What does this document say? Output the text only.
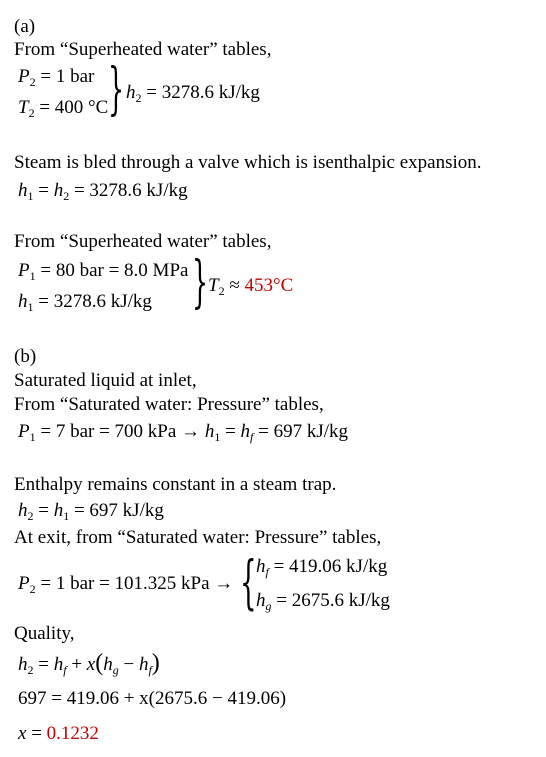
(a)
From “Superheated water” tables,
$P_2 = 1$ bar
$T_2 = 400$ °C } $h_2 = 3278.6$ kJ/kg
Steam is bled through a valve which is isenthalpic expansion.
$h_1 = h_2 = 3278.6$ kJ/kg
From “Superheated water” tables,
$P_1 = 80$ bar = 8.0 MPa
$h_1 = 3278.6$ kJ/kg } $T_2 \approx 453^\circ C$
(b)
Saturated liquid at inlet,
From “Saturated water: Pressure” tables,
$P_1 = 7$ bar = 700 kPa → $h_1 = h_f = 697$ kJ/kg
Enthalpy remains constant in a steam trap.
$h_2 = h_1 = 697$ kJ/kg
At exit, from “Saturated water: Pressure” tables,
$P_2 = 1$ bar = 101.325 kPa → { $h_f = 419.06$ kJ/kg
$h_g = 2675.6$ kJ/kg
Quality,
$h_2 = h_f + x(h_g - h_f)$
697 = 419.06 + x(2675.6 − 419.06)
x = 0.1232
